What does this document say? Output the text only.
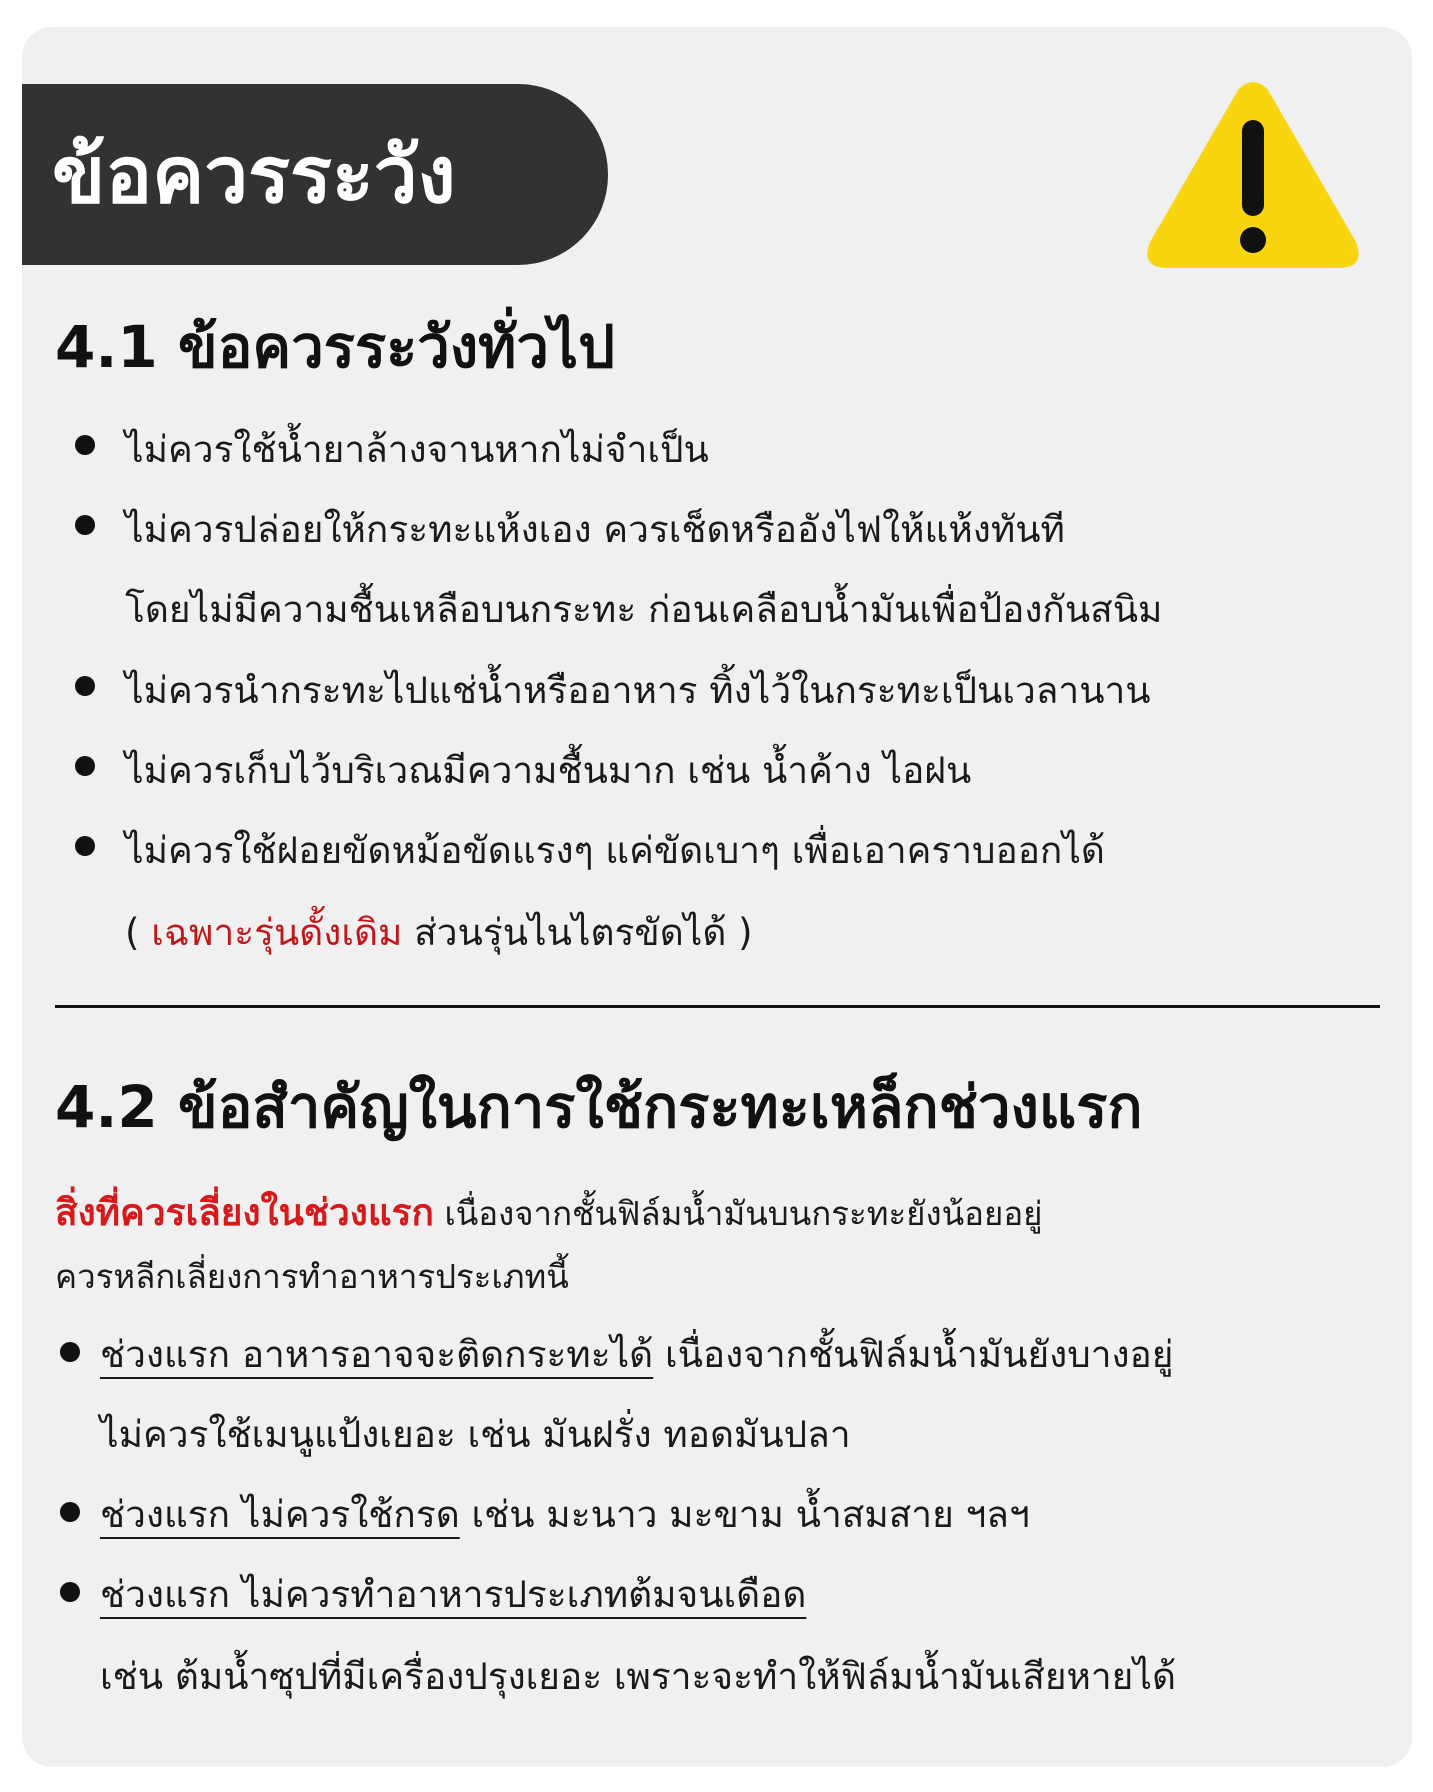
ข้อควรระวัง
4.1 ข้อควรระวังทั่วไป
ไม่ควรใช้น้ำยาล้างจานหากไม่จำเป็น
ไม่ควรปล่อยให้กระทะแห้งเอง ควรเช็ดหรืออังไฟให้แห้งทันที
โดยไม่มีความชื้นเหลือบนกระทะ ก่อนเคลือบน้ำมันเพื่อป้องกันสนิม
ไม่ควรนำกระทะไปแช่น้ำหรืออาหาร ทิ้งไว้ในกระทะเป็นเวลานาน
ไม่ควรเก็บไว้บริเวณมีความชื้นมาก เช่น น้ำค้าง ไอฝน
ไม่ควรใช้ฝอยขัดหม้อขัดแรงๆ แค่ขัดเบาๆ เพื่อเอาคราบออกได้
( เฉพาะรุ่นดั้งเดิม ส่วนรุ่นไนไตรขัดได้ )
4.2 ข้อสำคัญในการใช้กระทะเหล็กช่วงแรก
สิ่งที่ควรเลี่ยงในช่วงแรก เนื่องจากชั้นฟิล์มน้ำมันบนกระทะยังน้อยอยู่
ควรหลีกเลี่ยงการทำอาหารประเภทนี้
ช่วงแรก อาหารอาจจะติดกระทะได้ เนื่องจากชั้นฟิล์มน้ำมันยังบางอยู่
ไม่ควรใช้เมนูแป้งเยอะ เช่น มันฝรั่ง ทอดมันปลา
ช่วงแรก ไม่ควรใช้กรด เช่น มะนาว มะขาม น้ำสมสาย ฯลฯ
ช่วงแรก ไม่ควรทำอาหารประเภทต้มจนเดือด
เช่น ต้มน้ำซุปที่มีเครื่องปรุงเยอะ เพราะจะทำให้ฟิล์มน้ำมันเสียหายได้
